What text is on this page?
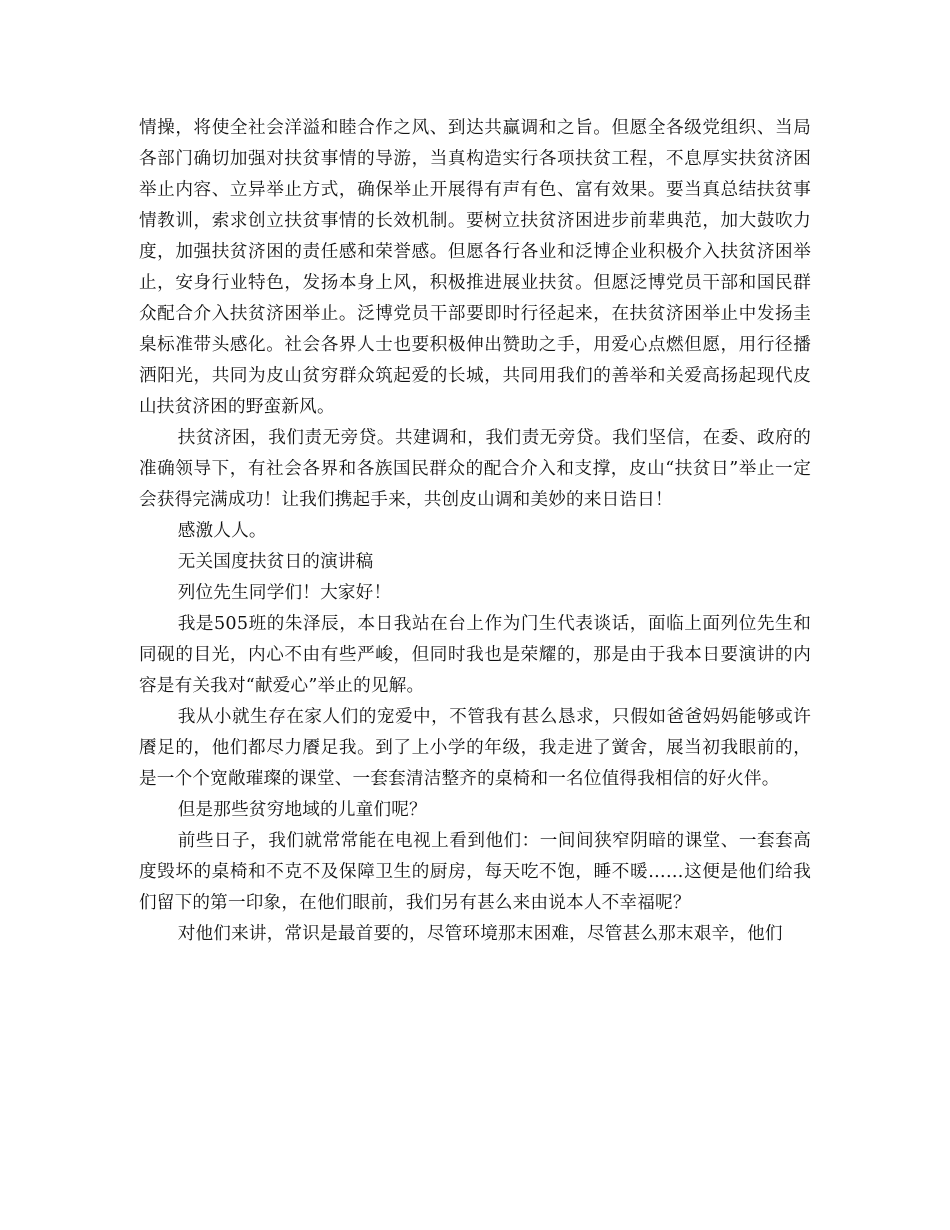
情操，将使全社会洋溢和睦合作之风、到达共赢调和之旨。但愿全各级党组织、当局各部门确切加强对扶贫事情的导游，当真构造实行各项扶贫工程，不息厚实扶贫济困举止内容、立异举止方式，确保举止开展得有声有色、富有效果。要当真总结扶贫事情教训，索求创立扶贫事情的长效机制。要树立扶贫济困进步前辈典范，加大鼓吹力度，加强扶贫济困的责任感和荣誉感。但愿各行各业和泛博企业积极介入扶贫济困举止，安身行业特色，发扬本身上风，积极推进展业扶贫。但愿泛博党员干部和国民群众配合介入扶贫济困举止。泛博党员干部要即时行径起来，在扶贫济困举止中发扬圭臬标准带头感化。社会各界人士也要积极伸出赞助之手，用爱心点燃但愿，用行径播洒阳光，共同为皮山贫穷群众筑起爱的长城，共同用我们的善举和关爱高扬起现代皮山扶贫济困的野蛮新风。

扶贫济困，我们责无旁贷。共建调和，我们责无旁贷。我们坚信，在委、政府的准确领导下，有社会各界和各族国民群众的配合介入和支撑，皮山“扶贫日”举止一定会获得完满成功！让我们携起手来，共创皮山调和美妙的来日诰日！

感激人人。

无关国度扶贫日的演讲稿

列位先生同学们！大家好！

我是505班的朱泽辰，本日我站在台上作为门生代表谈话，面临上面列位先生和同砚的目光，内心不由有些严峻，但同时我也是荣耀的，那是由于我本日要演讲的内容是有关我对“献爱心”举止的见解。

我从小就生存在家人们的宠爱中，不管我有甚么恳求，只假如爸爸妈妈能够或许餍足的，他们都尽力餍足我。到了上小学的年级，我走进了黉舍，展当初我眼前的，是一个个宽敞璀璨的课堂、一套套清洁整齐的桌椅和一名位值得我相信的好火伴。

但是那些贫穷地域的儿童们呢？

前些日子，我们就常常能在电视上看到他们：一间间狭窄阴暗的课堂、一套套高度毁坏的桌椅和不克不及保障卫生的厨房，每天吃不饱，睡不暖……这便是他们给我们留下的第一印象，在他们眼前，我们另有甚么来由说本人不幸福呢？

对他们来讲，常识是最首要的，尽管环境那末困难，尽管甚么那末艰辛，他们
